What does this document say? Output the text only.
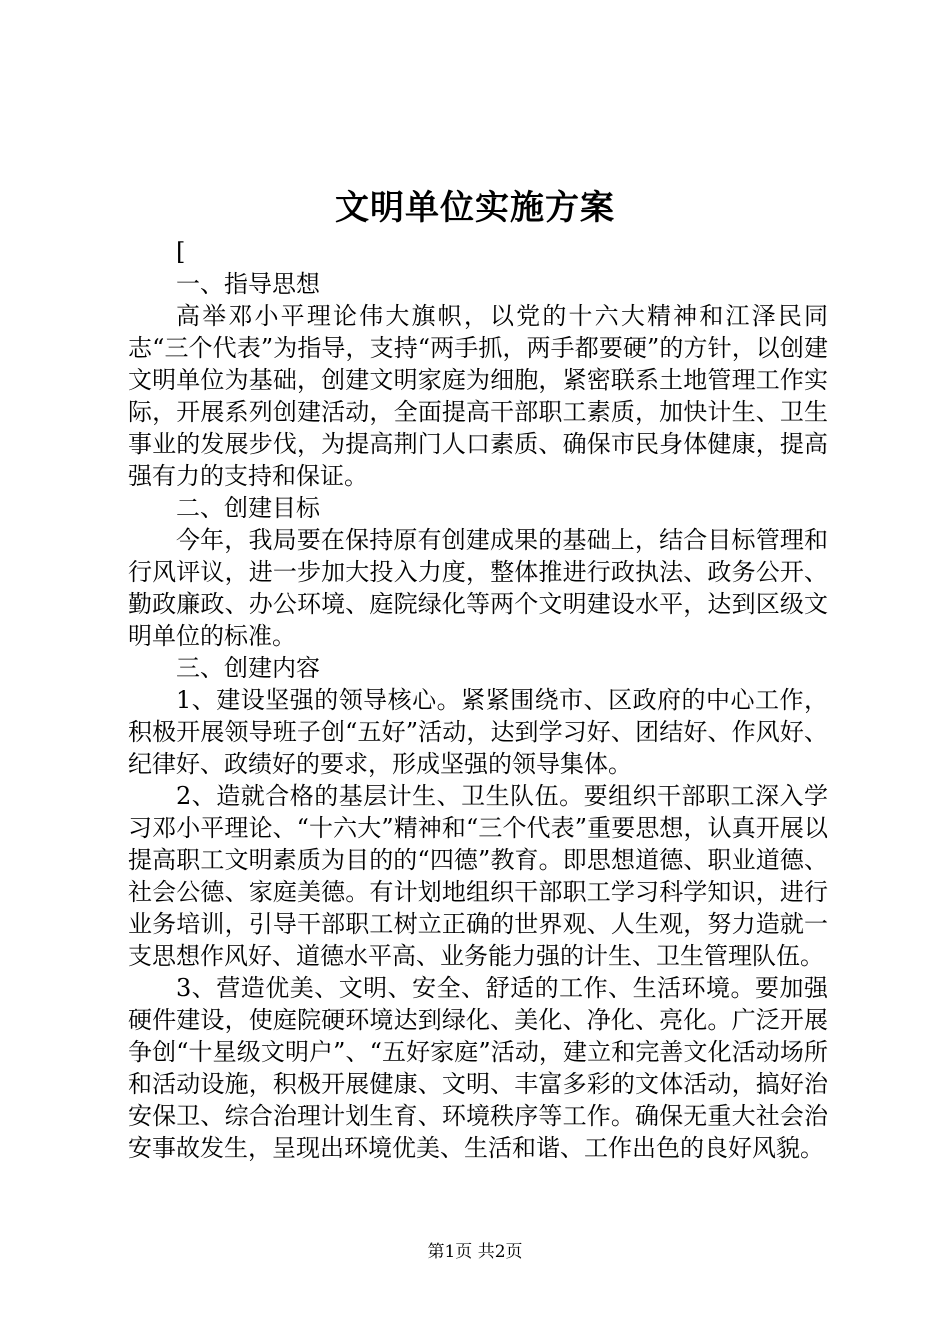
文明单位实施方案

[

一、指导思想

高举邓小平理论伟大旗帜，以党的十六大精神和江泽民同志“三个代表”为指导，支持“两手抓，两手都要硬”的方针，以创建文明单位为基础，创建文明家庭为细胞，紧密联系土地管理工作实际，开展系列创建活动，全面提高干部职工素质，加快计生、卫生事业的发展步伐，为提高荆门人口素质、确保市民身体健康，提高强有力的支持和保证。

二、创建目标

今年，我局要在保持原有创建成果的基础上，结合目标管理和行风评议，进一步加大投入力度，整体推进行政执法、政务公开、勤政廉政、办公环境、庭院绿化等两个文明建设水平，达到区级文明单位的标准。

三、创建内容

1、建设坚强的领导核心。紧紧围绕市、区政府的中心工作，积极开展领导班子创“五好”活动，达到学习好、团结好、作风好、纪律好、政绩好的要求，形成坚强的领导集体。

2、造就合格的基层计生、卫生队伍。要组织干部职工深入学习邓小平理论、“十六大”精神和“三个代表”重要思想，认真开展以提高职工文明素质为目的的“四德”教育。即思想道德、职业道德、社会公德、家庭美德。有计划地组织干部职工学习科学知识，进行业务培训，引导干部职工树立正确的世界观、人生观，努力造就一支思想作风好、道德水平高、业务能力强的计生、卫生管理队伍。

3、营造优美、文明、安全、舒适的工作、生活环境。要加强硬件建设，使庭院硬环境达到绿化、美化、净化、亮化。广泛开展争创“十星级文明户”、“五好家庭”活动，建立和完善文化活动场所和活动设施，积极开展健康、文明、丰富多彩的文体活动，搞好治安保卫、综合治理计划生育、环境秩序等工作。确保无重大社会治安事故发生，呈现出环境优美、生活和谐、工作出色的良好风貌。

第1页 共2页
